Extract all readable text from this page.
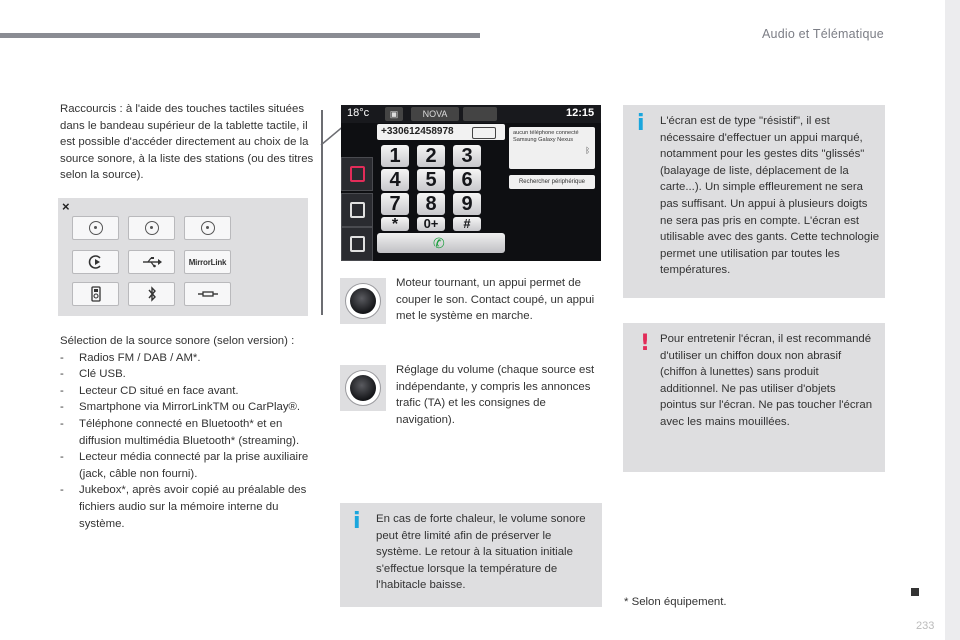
Audio et Télématique
Raccourcis : à l'aide des touches tactiles situées dans le bandeau supérieur de la tablette tactile, il est possible d'accéder directement au choix de la source sonore, à la liste des stations (ou des titres selon la source).
×
MirrorLink
Sélection de la source sonore (selon version) :
- Radios FM / DAB / AM*.
- Clé USB.
- Lecteur CD situé en face avant.
- Smartphone via MirrorLinkTM ou CarPlay®.
- Téléphone connecté en Bluetooth* et en diffusion multimédia Bluetooth* (streaming).
- Lecteur média connecté par la prise auxiliaire (jack, câble non fourni).
- Jukebox*, après avoir copié au préalable des fichiers audio sur la mémoire interne du système.
18°c	▣	NOVA	12:15
+330612458978
1	2	3
4	5	6
7	8	9
*	0+	#
✆
aucun téléphone connecté Samsung Galaxy Nexus
ᛒ
Rechercher périphérique
Moteur tournant, un appui permet de couper le son. Contact coupé, un appui met le système en marche.
Réglage du volume (chaque source est indépendante, y compris les annonces trafic (TA) et les consignes de navigation).
i L'écran est de type "résistif", il est nécessaire d'effectuer un appui marqué, notamment pour les gestes dits "glissés" (balayage de liste, déplacement de la carte...). Un simple effleurement ne sera pas suffisant. Un appui à plusieurs doigts ne sera pas pris en compte. L'écran est utilisable avec des gants. Cette technologie permet une utilisation par toutes les températures.
! Pour entretenir l'écran, il est recommandé d'utiliser un chiffon doux non abrasif (chiffon à lunettes) sans produit additionnel. Ne pas utiliser d'objets pointus sur l'écran. Ne pas toucher l'écran avec les mains mouillées.
i En cas de forte chaleur, le volume sonore peut être limité afin de préserver le système. Le retour à la situation initiale s'effectue lorsque la température de l'habitacle baisse.
* Selon équipement.
233
